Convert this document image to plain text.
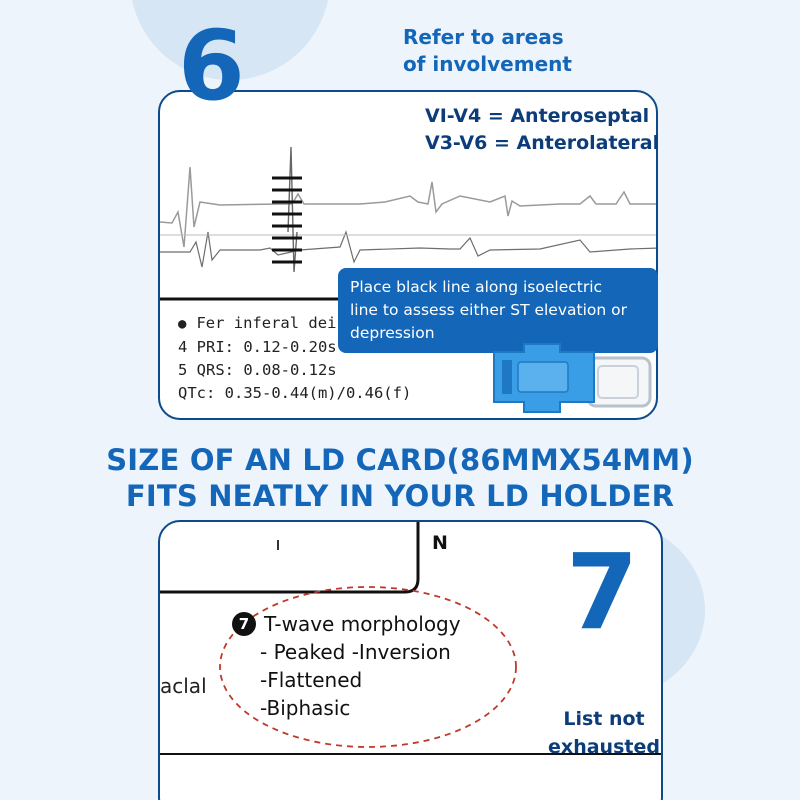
● Fer inferal dei
4 PRI: 0.12-0.20s
5 QRS: 0.08-0.12s
QTc: 0.35-0.44(m)/0.46(f)
6	Refer to areas
of involvement
VI-V4 = Anteroseptal
V3-V6 = Anterolateral
Place black line along isoelectric
line to assess either ST elevation or
depression
SIZE OF AN LD CARD(86MMX54MM)
FITS NEATLY IN YOUR LD HOLDER
N
aclal
7 T-wave morphology
- Peaked -Inversion
-Flattened
-Biphasic
7
List not
exhausted
